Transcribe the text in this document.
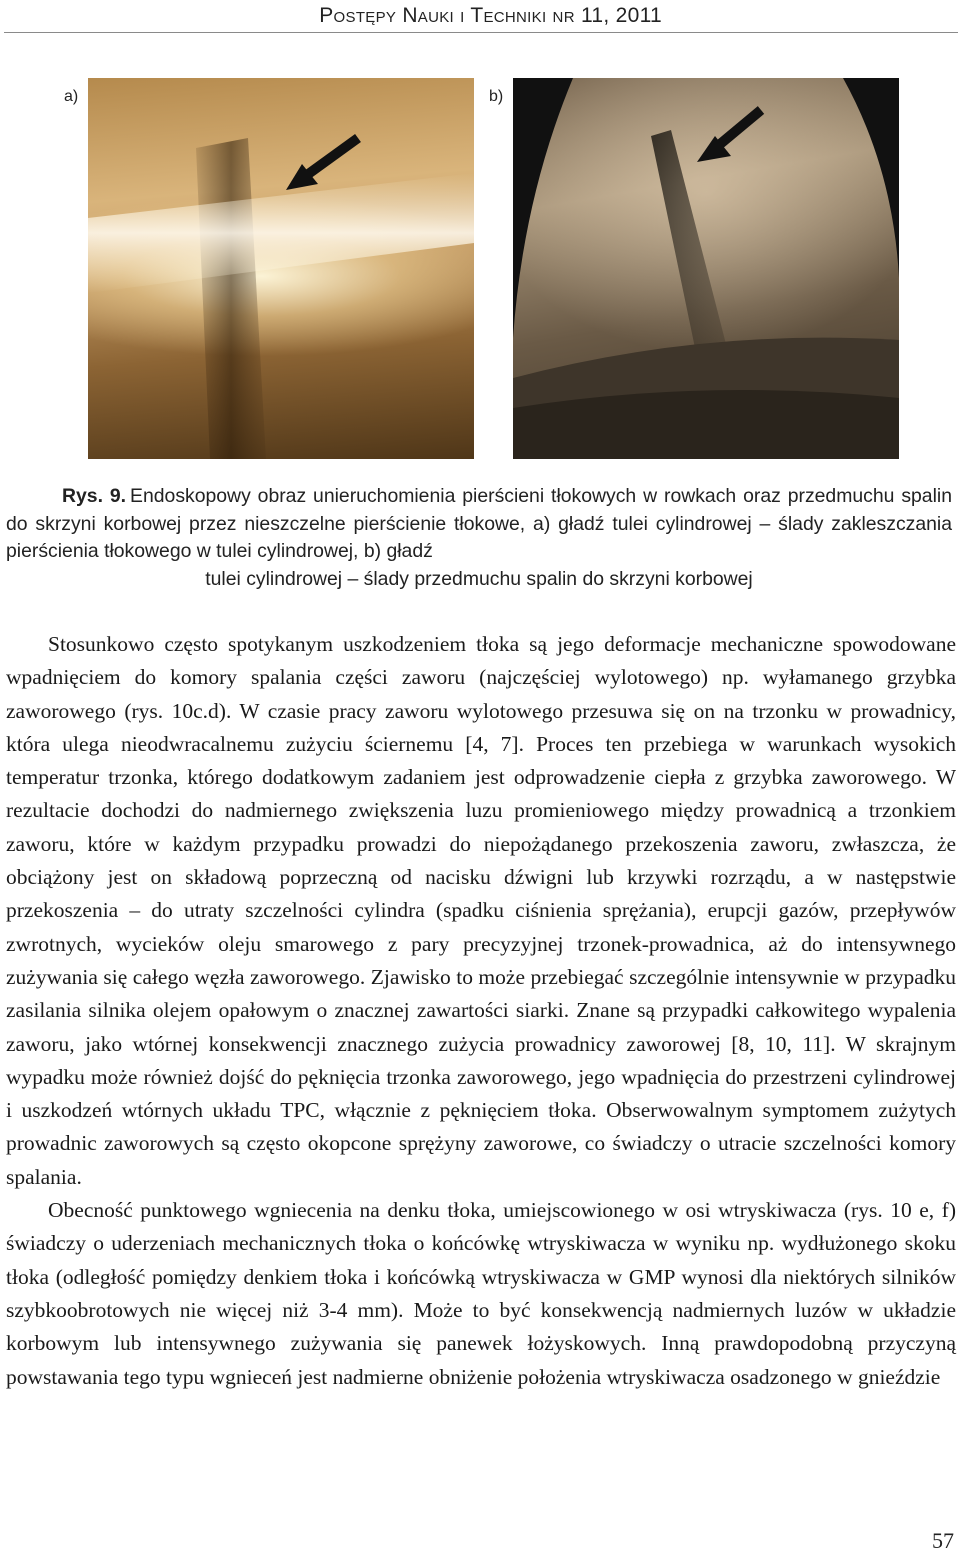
Postępy Nauki i Techniki nr 11, 2011
a)	b)
Rys. 9. Endoskopowy obraz unieruchomienia pierścieni tłokowych w rowkach oraz przedmuchu spalin do skrzyni korbowej przez nieszczelne pierścienie tłokowe, a) gładź tulei cylindrowej – ślady zakleszczania pierścienia tłokowego w tulei cylindrowej, b) gładź
tulei cylindrowej – ślady przedmuchu spalin do skrzyni korbowej

Stosunkowo często spotykanym uszkodzeniem tłoka są jego deformacje mechaniczne spowodowane wpadnięciem do komory spalania części zaworu (najczęściej wylotowego) np. wyłamanego grzybka zaworowego (rys. 10c.d). W czasie pracy zaworu wylotowego przesuwa się on na trzonku w prowadnicy, która ulega nieodwracalnemu zużyciu ściernemu [4, 7]. Proces ten przebiega w warunkach wysokich temperatur trzonka, którego dodatkowym zadaniem jest odprowadzenie ciepła z grzybka zaworowego. W rezultacie dochodzi do nadmiernego zwiększenia luzu promieniowego między prowadnicą a trzonkiem zaworu, które w każdym przypadku prowadzi do niepożądanego przekoszenia zaworu, zwłaszcza, że obciążony jest on składową poprzeczną od nacisku dźwigni lub krzywki rozrządu, a w następstwie przekoszenia – do utraty szczelności cylindra (spadku ciśnienia sprężania), erupcji gazów, przepływów zwrotnych, wycieków oleju smarowego z pary precyzyjnej trzonek-prowadnica, aż do intensywnego zużywania się całego węzła zaworowego. Zjawisko to może przebiegać szczególnie intensywnie w przypadku zasilania silnika olejem opałowym o znacznej zawartości siarki. Znane są przypadki całkowitego wypalenia zaworu, jako wtórnej konsekwencji znacznego zużycia prowadnicy zaworowej [8, 10, 11]. W skrajnym wypadku może również dojść do pęknięcia trzonka zaworowego, jego wpadnięcia do przestrzeni cylindrowej i uszkodzeń wtórnych układu TPC, włącznie z pęknięciem tłoka. Obserwowalnym symptomem zużytych prowadnic zaworowych są często okopcone sprężyny zaworowe, co świadczy o utracie szczelności komory spalania.

Obecność punktowego wgniecenia na denku tłoka, umiejscowionego w osi wtryskiwacza (rys. 10 e, f) świadczy o uderzeniach mechanicznych tłoka o końcówkę wtryskiwacza w wyniku np. wydłużonego skoku tłoka (odległość pomiędzy denkiem tłoka i końcówką wtryskiwacza w GMP wynosi dla niektórych silników szybkoobrotowych nie więcej niż 3-4 mm). Może to być konsekwencją nadmiernych luzów w układzie korbowym lub intensywnego zużywania się panewek łożyskowych. Inną prawdopodobną przyczyną powstawania tego typu wgnieceń jest nadmierne obniżenie położenia wtryskiwacza osadzonego w gnieździe

57
